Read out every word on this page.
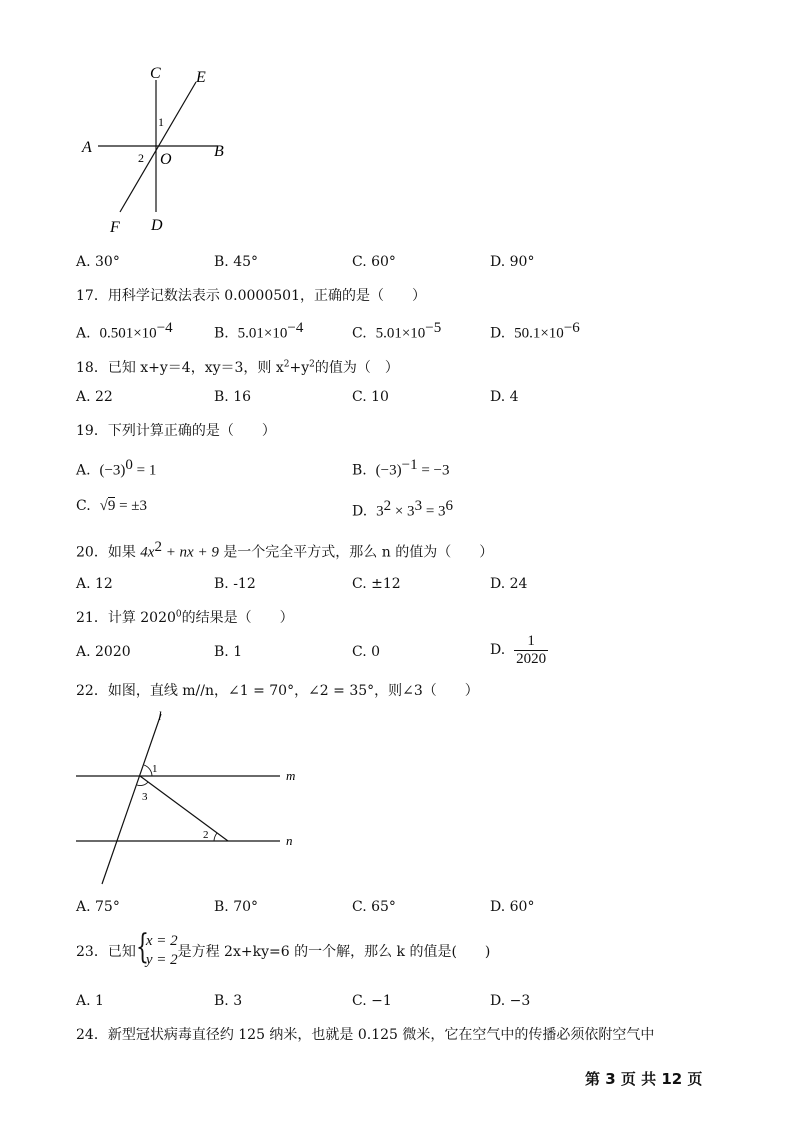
C E
A	B
O
F D
1
2
A. 30°	B. 45°	C. 60°	D. 90°
17．用科学记数法表示 0.0000501，正确的是（　　）
A. $0.501\times 10^{-4}$	B. $5.01\times 10^{-4}$	C. $5.01\times 10^{-5}$	D. $50.1\times 10^{-6}$
18．已知 x+y＝4，xy＝3，则 $x^2+y^2$的值为（　）
A. 22	B. 16	C. 10	D. 4
19．下列计算正确的是（　　）
A. $(-3)^0 = 1$	B. $(-3)^{-1} = -3$
C. √9 = ±3	D. $3^2 \times 3^3 = 3^6$
20．如果 $4x^2$ + nx + 9 是一个完全平方式，那么 n 的值为（　　）
A. 12	B. -12	C. ±12	D. 24
21．计算 2020$^0$的结果是（　　）
A. 2020	B. 1	C. 0	D. $\frac{1}{2020}$
22．如图，直线 m//n，∠1 = 70°，∠2 = 35°，则∠3（　　）
l
m
n
1
3
2
A. 75°	B. 70°	C. 65°	D. 60°
23．已知 {
x = 2
y = 2 是方程 2x+ky=6 的一个解，那么 k 的值是(　　)
A. 1	B. 3	C. −1	D. −3
24．新型冠状病毒直径约 125 纳米，也就是 0.125 微米，它在空气中的传播必须依附空气中
第 3 页 共 12 页
